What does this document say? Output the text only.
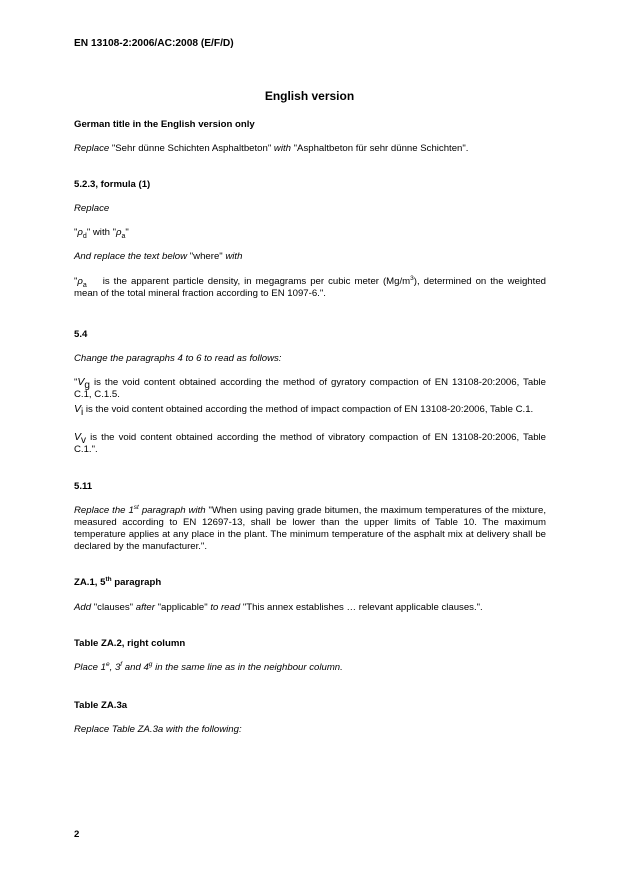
EN 13108-2:2006/AC:2008 (E/F/D)
English version
German title in the English version only
Replace "Sehr dünne Schichten Asphaltbeton" with "Asphaltbeton für sehr dünne Schichten".
5.2.3, formula (1)
Replace
"$\rho_d$" with "$\rho_a$"
And replace the text below "where" with
"$\rho_a$    is the apparent particle density, in megagrams per cubic meter $(Mg/m^3)$, determined on the weighted mean of the total mineral fraction according to EN 1097-6.".
5.4
Change the paragraphs 4 to 6 to read as follows:
"$V_g$ is the void content obtained according the method of gyratory compaction of EN 13108-20:2006, Table C.1, C.1.5.
$V_i$ is the void content obtained according the method of impact compaction of EN 13108-20:2006, Table C.1.
$V_v$ is the void content obtained according the method of vibratory compaction of EN 13108-20:2006, Table C.1.".
5.11
Replace the 1st paragraph with "When using paving grade bitumen, the maximum temperatures of the mixture, measured according to EN 12697-13, shall be lower than the upper limits of Table 10. The maximum temperature applies at any place in the plant. The minimum temperature of the asphalt mix at delivery shall be declared by the manufacturer.".
ZA.1, 5th paragraph
Add "clauses" after "applicable" to read "This annex establishes … relevant applicable clauses.".
Table ZA.2, right column
Place 1e, 3$^f$ and 4$^g$ in the same line as in the neighbour column.
Table ZA.3a
Replace Table ZA.3a with the following:
2
